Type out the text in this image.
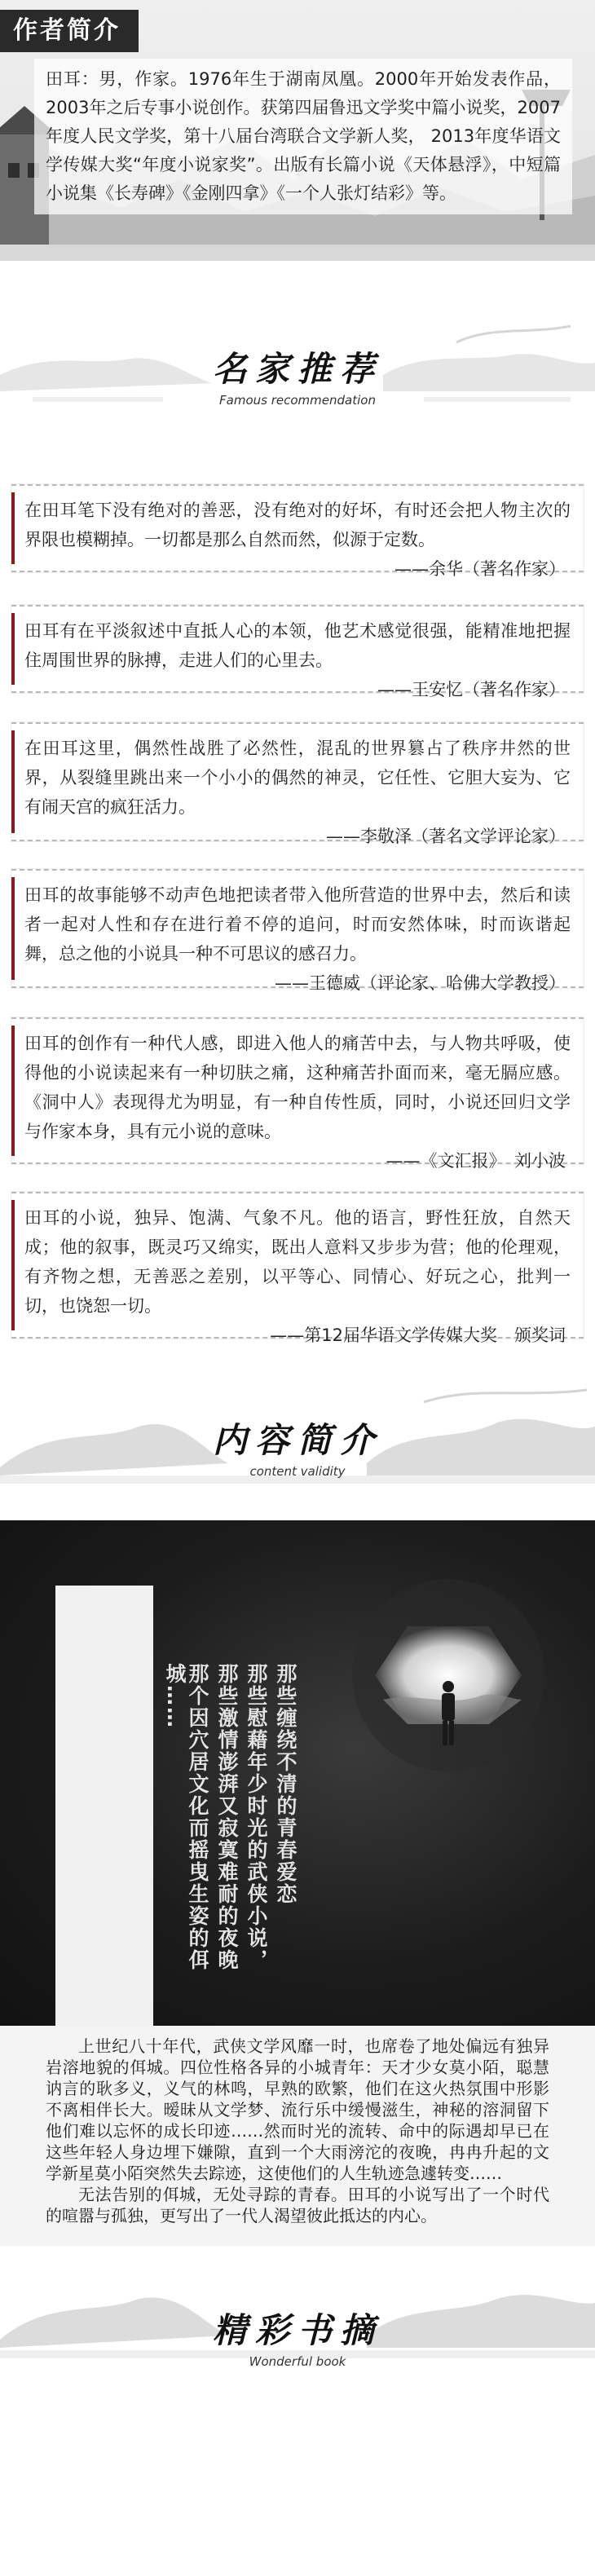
作者简介
田耳：男，作家。1976年生于湖南凤凰。2000年开始发表作品，2003年之后专事小说创作。获第四届鲁迅文学奖中篇小说奖，2007年度人民文学奖，第十八届台湾联合文学新人奖， 2013年度华语文学传媒大奖“年度小说家奖”。出版有长篇小说《天体悬浮》，中短篇小说集《长寿碑》《金刚四拿》《一个人张灯结彩》等。
名家推荐
Famous recommendation
在田耳笔下没有绝对的善恶，没有绝对的好坏，有时还会把人物主次的界限也模糊掉。一切都是那么自然而然，似源于定数。
——余华（著名作家）
田耳有在平淡叙述中直抵人心的本领，他艺术感觉很强，能精准地把握住周围世界的脉搏，走进人们的心里去。
——王安忆（著名作家）
在田耳这里，偶然性战胜了必然性，混乱的世界篡占了秩序井然的世界，从裂缝里跳出来一个小小的偶然的神灵，它任性、它胆大妄为、它有闹天宫的疯狂活力。
——李敬泽（著名文学评论家）
田耳的故事能够不动声色地把读者带入他所营造的世界中去，然后和读者一起对人性和存在进行着不停的追问，时而安然体味，时而诙谐起舞，总之他的小说具一种不可思议的感召力。
——王德威（评论家、哈佛大学教授）
田耳的创作有一种代人感，即进入他人的痛苦中去，与人物共呼吸，使得他的小说读起来有一种切肤之痛，这种痛苦扑面而来，毫无膈应感。《洞中人》表现得尤为明显，有一种自传性质，同时，小说还回归文学与作家本身，具有元小说的意味。
——《文汇报》　刘小波
田耳的小说，独异、饱满、气象不凡。他的语言，野性狂放，自然天成；他的叙事，既灵巧又绵实，既出人意料又步步为营；他的伦理观，有齐物之想，无善恶之差别，以平等心、同情心、好玩之心，批判一切，也饶恕一切。
——第12届华语文学传媒大奖　颁奖词
内容简介
content validity
那些缠绕不清的青春爱恋
那些慰藉年少时光的武侠小说，
那些激情澎湃又寂寞难耐的夜晚
那个因穴居文化而摇曳生姿的佴城……

上世纪八十年代，武侠文学风靡一时，也席卷了地处偏远有独异岩溶地貌的佴城。四位性格各异的小城青年：天才少女莫小陌，聪慧讷言的耿多义，义气的林鸣，早熟的欧繁，他们在这火热氛围中形影不离相伴长大。暧昧从文学梦、流行乐中缓慢滋生，神秘的溶洞留下他们难以忘怀的成长印迹……然而时光的流转、命中的际遇却早已在这些年轻人身边埋下嫌隙，直到一个大雨滂沱的夜晚，冉冉升起的文学新星莫小陌突然失去踪迹，这使他们的人生轨迹急遽转变……

无法告别的佴城，无处寻踪的青春。田耳的小说写出了一个时代的喧嚣与孤独，更写出了一代人渴望彼此抵达的内心。

精彩书摘
Wonderful book
